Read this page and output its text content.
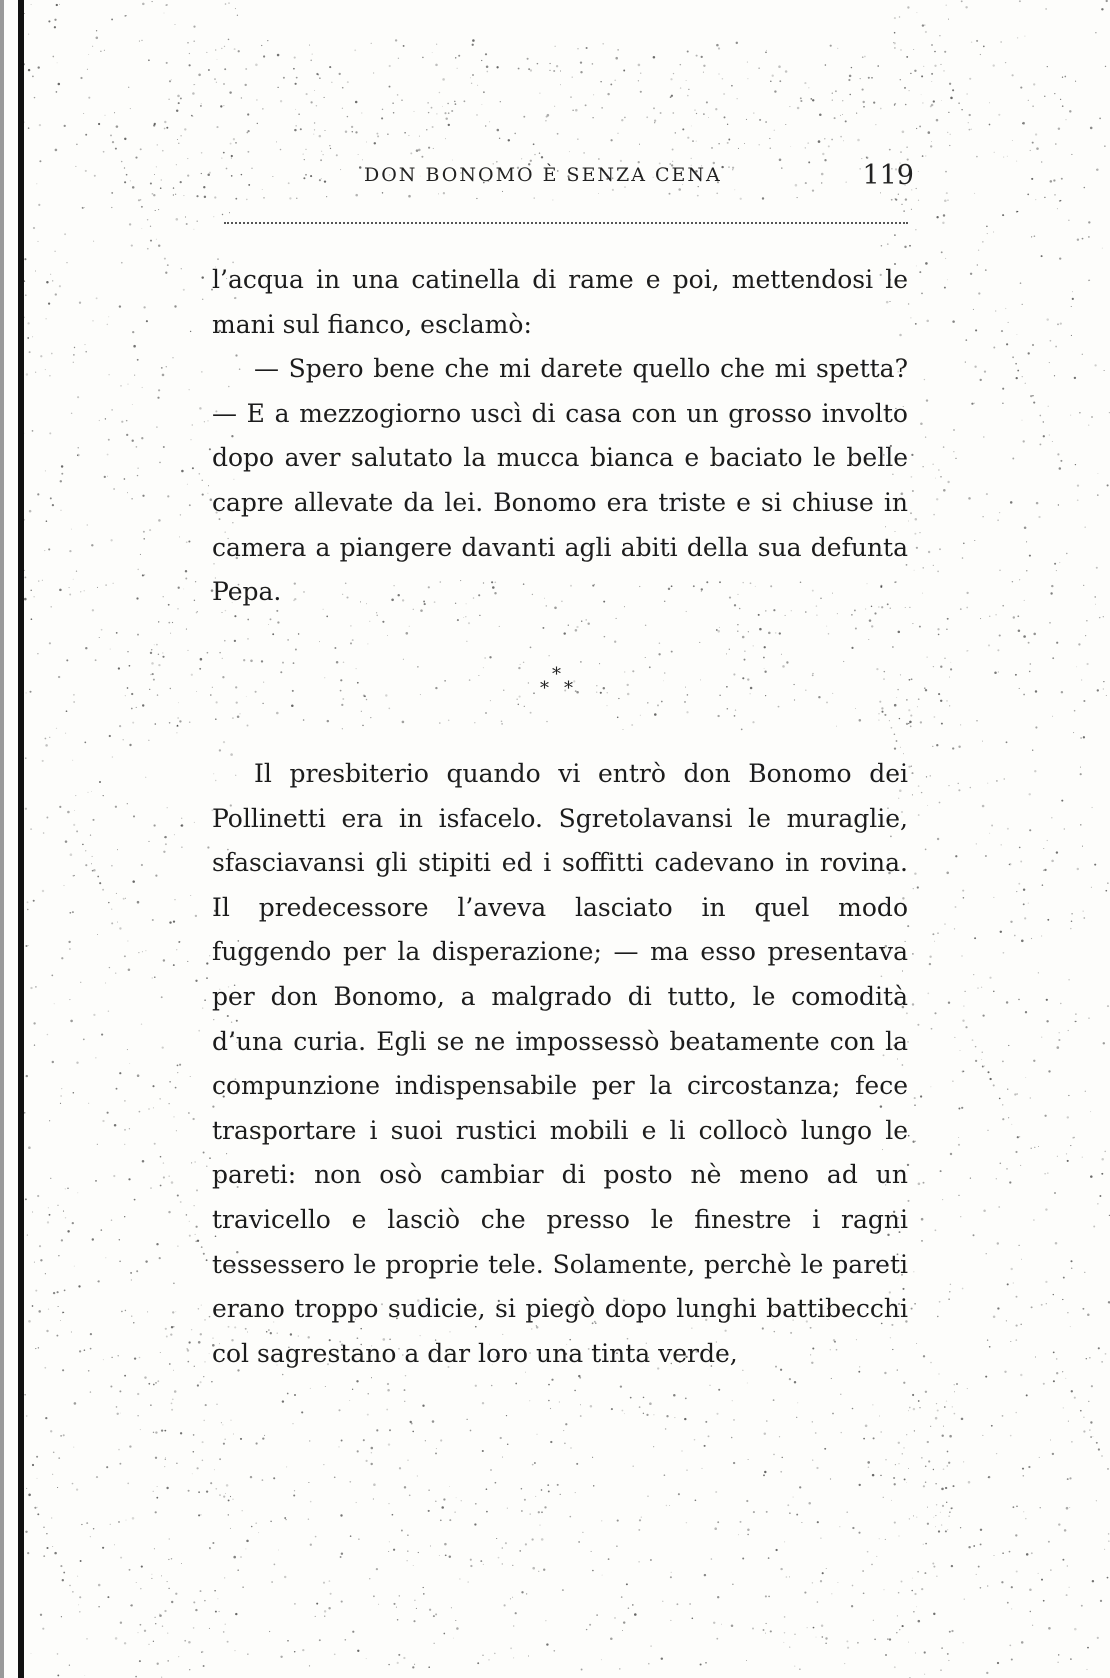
DON BONOMO È SENZA CENA	119

l’acqua in una catinella di rame e poi, mettendosi le mani sul fianco, esclamò:

— Spero bene che mi darete quello che mi spetta? — E a mezzogiorno uscì di casa con un grosso involto dopo aver salutato la mucca bianca e baciato le belle capre allevate da lei. Bonomo era triste e si chiuse in camera a piangere davanti agli abiti della sua defunta Pepa.

*
* *

Il presbiterio quando vi entrò don Bonomo dei Pollinetti era in isfacelo. Sgretolavansi le muraglie, sfasciavansi gli stipiti ed i soffitti cadevano in rovina. Il predecessore l’aveva lasciato in quel modo fuggendo per la disperazione; — ma esso presentava per don Bonomo, a malgrado di tutto, le comodità d’una curia. Egli se ne impossessò beatamente con la compunzione indispensabile per la circostanza; fece trasportare i suoi rustici mobili e li collocò lungo le pareti: non osò cambiar di posto nè meno ad un travicello e lasciò che presso le finestre i ragni tessessero le proprie tele. Solamente, perchè le pareti erano troppo sudicie, si piegò dopo lunghi battibecchi col sagrestano a dar loro una tinta verde,
